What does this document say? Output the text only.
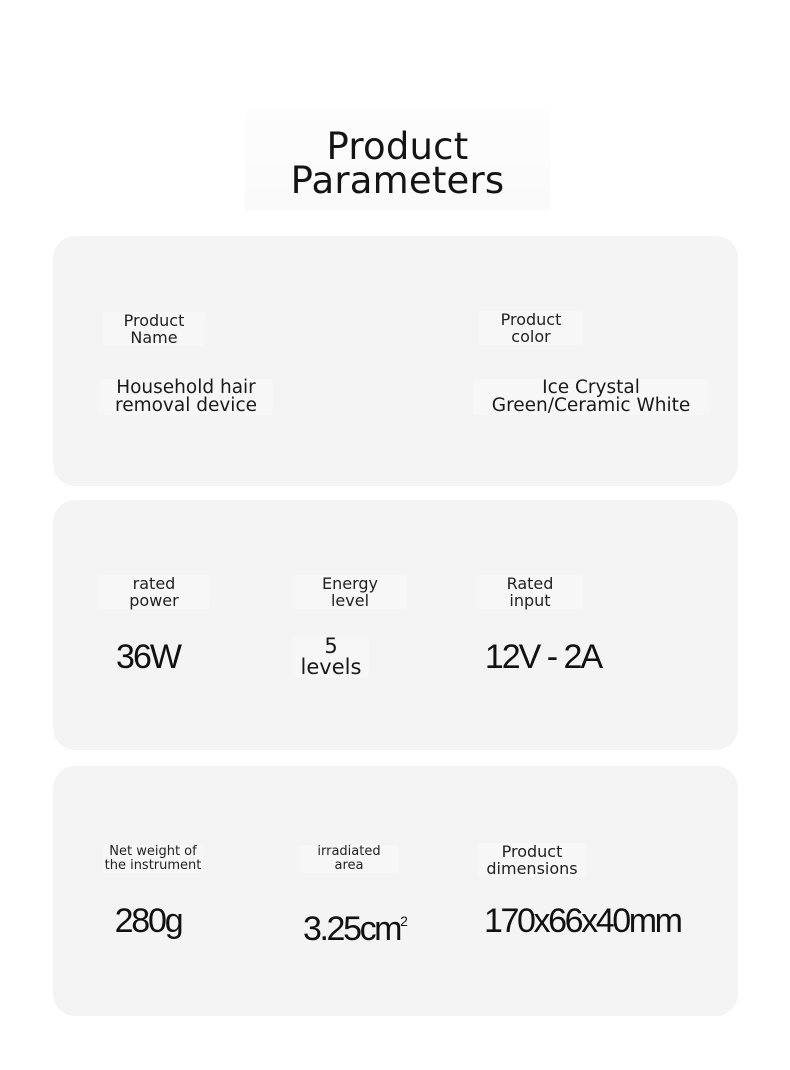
Product
Parameters
Product
Name
Household hair
removal device
Product
color
Ice Crystal
Green/Ceramic White
rated
power
36W
Energy
level
5
levels
Rated
input
12V - 2A
Net weight of
the instrument
280g
irradiated
area
$3.25cm^2$
Product
dimensions
170x66x40mm
